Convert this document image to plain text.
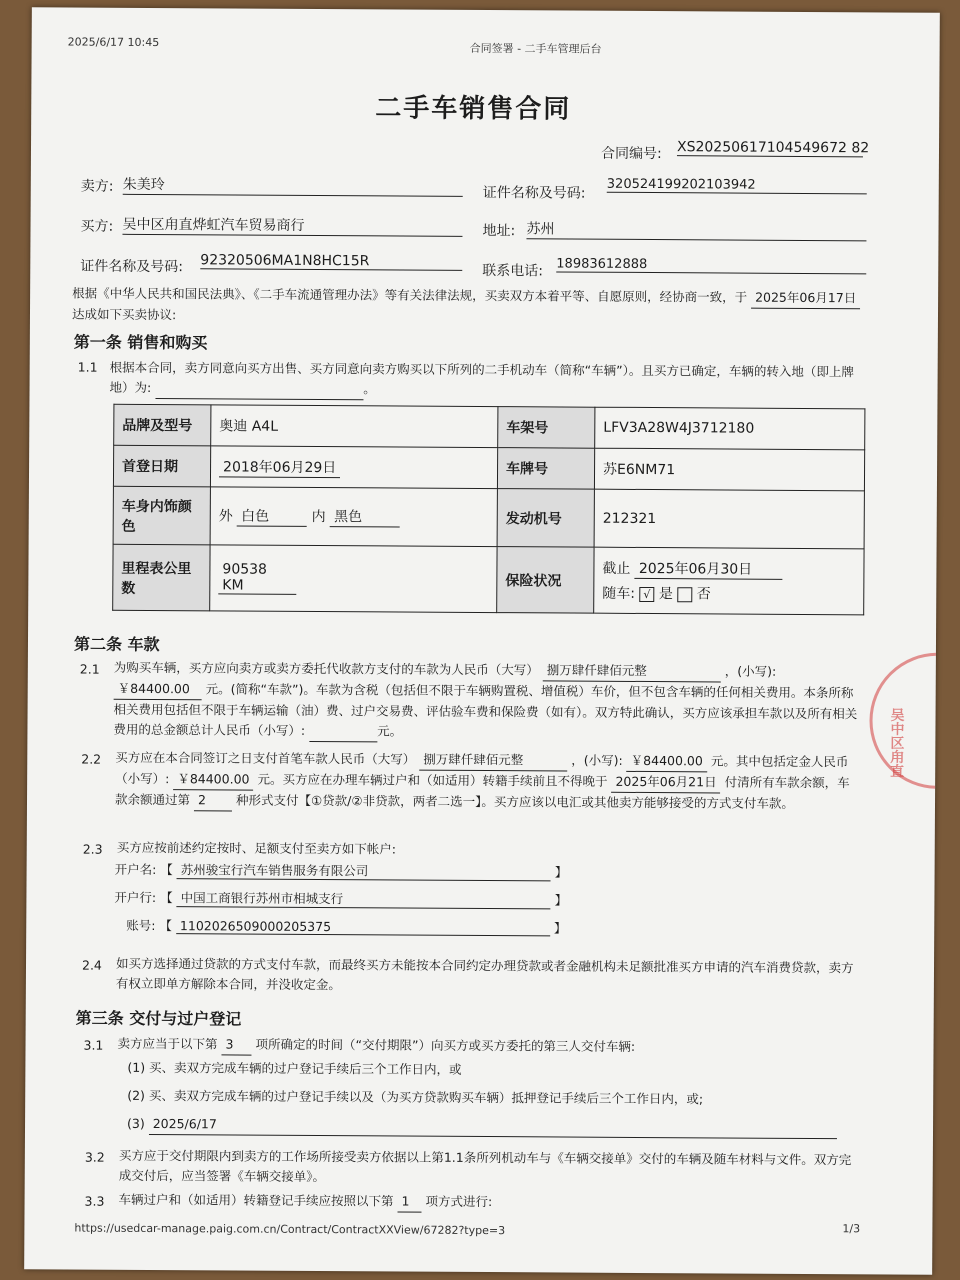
2025/6/17 10:45	合同签署 - 二手车管理后台
二手车销售合同
合同编号: XS20250617104549672 82
卖方: 朱美玲
证件名称及号码:
320524199202103942
买方: 吴中区甪直烨虹汽车贸易商行	地址: 苏州
证件名称及号码: 92320506MA1N8HC15R
联系电话: 18983612888
根据《中华人民共和国民法典》、《二手车流通管理办法》等有关法律法规，买卖双方本着平等、自愿原则，经协商一致，于 2025年06月17日 达成如下买卖协议:
第一条 销售和购买
1.1 根据本合同，卖方同意向买方出售、买方同意向卖方购买以下所列的二手机动车（简称“车辆”）。且买方已确定，车辆的转入地（即上牌地）为:	。
品牌及型号	奥迪 A4L	车架号	LFV3A28W4J3712180
首登日期	2018年06月29日	车牌号	苏E6NM71
车身内饰颜色	外 白色 内 黑色	发动机号	212321
里程表公里数	90538 KM	保险状况	截止 2025年06月30日
随车: √ 是 否
第二条 车款
2.1 为购买车辆，买方应向卖方或卖方委托代收款方支付的车款为人民币（大写） 捌万肆仟肆佰元整	，(小写): ￥84400.00 元。(简称“车款”)。车款为含税（包括但不限于车辆购置税、增值税）车价，但不包含车辆的任何相关费用。本条所称相关费用包括但不限于车辆运输（油）费、过户交易费、评估验车费和保险费（如有）。双方特此确认，买方应该承担车款以及所有相关费用的总金额总计人民币（小写）:	元。
2.2 买方应在本合同签订之日支付首笔车款人民币（大写） 捌万肆仟肆佰元整	，(小写): ￥84400.00 元。其中包括定金人民币（小写）: ￥84400.00 元。买方应在办理车辆过户和（如适用）转籍手续前且不得晚于 2025年06月21日 付清所有车款余额，车款余额通过第 2 种形式支付【①贷款/②非贷款，两者二选一】。买方应该以电汇或其他卖方能够接受的方式支付车款。
2.3 买方应按前述约定按时、足额支付至卖方如下帐户:
开户名: 【 苏州骏宝行汽车销售服务有限公司	】
开户行: 【 中国工商银行苏州市相城支行	】
账号: 【 1102026509000205375	】
2.4 如买方选择通过贷款的方式支付车款，而最终买方未能按本合同约定办理贷款或者金融机构未足额批准买方申请的汽车消费贷款，卖方有权立即单方解除本合同，并没收定金。
第三条 交付与过户登记
3.1 卖方应当于以下第 3 项所确定的时间（“交付期限”）向买方或买方委托的第三人交付车辆:
(1) 买、卖双方完成车辆的过户登记手续后三个工作日内，或
(2) 买、卖双方完成车辆的过户登记手续以及（为买方贷款购买车辆）抵押登记手续后三个工作日内，或;
(3) 2025/6/17
3.2 买方应于交付期限内到卖方的工作场所接受卖方依据以上第1.1条所列机动车与《车辆交接单》交付的车辆及随车材料与文件。双方完成交付后，应当签署《车辆交接单》。
3.3 车辆过户和（如适用）转籍登记手续应按照以下第 1 项方式进行:
https://usedcar-manage.paig.com.cn/Contract/ContractXXView/67282?type=3	1/3
吴中区甪直
